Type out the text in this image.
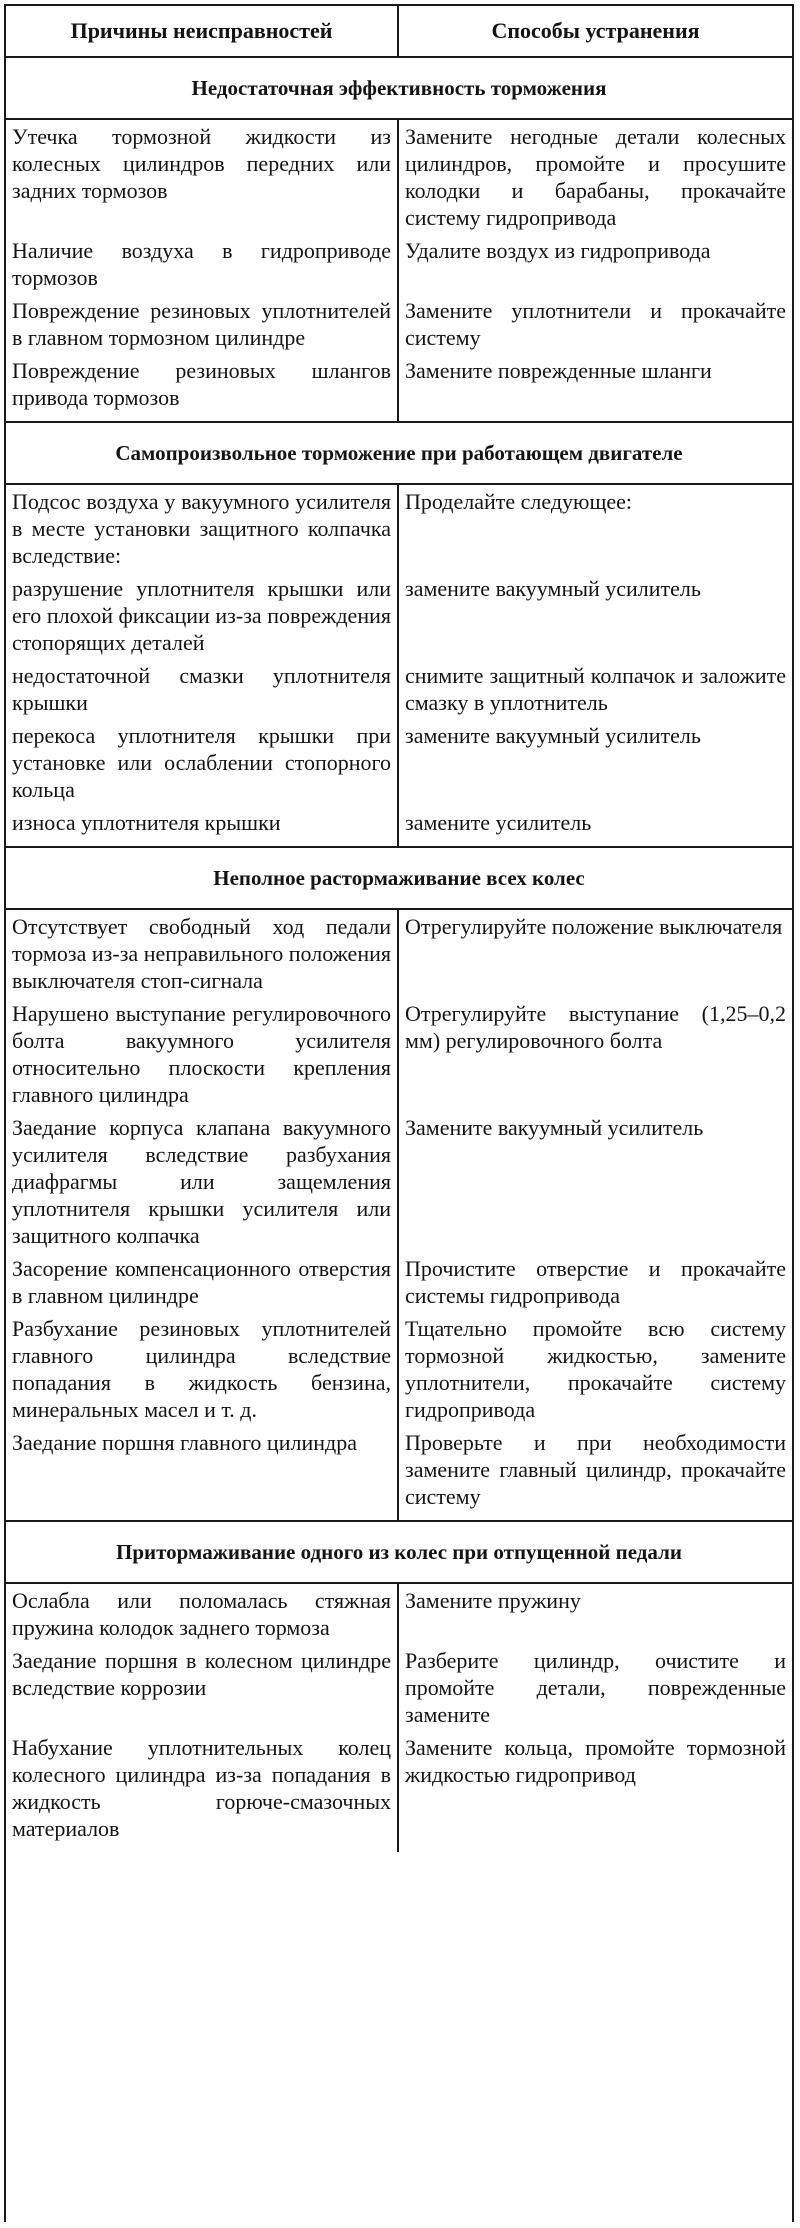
Причины неисправностей	Способы устранения
Недостаточная эффективность торможения	
Утечка тормозной жидкости из колесных цилиндров передних или задних тормозов	Замените негодные детали колесных цилиндров, промойте и просушите колодки и барабаны, прокачайте систему гидропривода
Наличие воздуха в гидроприводе тормозов	Удалите воздух из гидропривода
Повреждение резиновых уплотнителей в главном тормозном цилиндре	Замените уплотнители и прокачайте систему
Повреждение резиновых шлангов привода тормозов	Замените поврежденные шланги
Самопроизвольное торможение при работающем двигателе	
Подсос воздуха у вакуумного усилителя в месте установки защитного колпачка вследствие:	Проделайте следующее:
разрушение уплотнителя крышки или его плохой фиксации из-за повреждения стопорящих деталей	замените вакуумный усилитель
недостаточной смазки уплотнителя крышки	снимите защитный колпачок и заложите смазку в уплотнитель
перекоса уплотнителя крышки при установке или ослаблении стопорного кольца	замените вакуумный усилитель
износа уплотнителя крышки	замените усилитель
Неполное растормаживание всех колес	
Отсутствует свободный ход педали тормоза из-за неправильного положения выключателя стоп-сигнала	Отрегулируйте положение выключателя
Нарушено выступание регулировочного болта вакуумного усилителя относительно плоскости крепления главного цилиндра	Отрегулируйте выступание (1,25–0,2 мм) регулировочного болта
Заедание корпуса клапана вакуумного усилителя вследствие разбухания диафрагмы или защемления уплотнителя крышки усилителя или защитного колпачка	Замените вакуумный усилитель
Засорение компенсационного отверстия в главном цилиндре	Прочистите отверстие и прокачайте системы гидропривода
Разбухание резиновых уплотнителей главного цилиндра вследствие попадания в жидкость бензина, минеральных масел и т. д.	Тщательно промойте всю систему тормозной жидкостью, замените уплотнители, прокачайте систему гидропривода
Заедание поршня главного цилиндра	Проверьте и при необходимости замените главный цилиндр, прокачайте систему
Притормаживание одного из колес при отпущенной педали	
Ослабла или поломалась стяжная пружина колодок заднего тормоза	Замените пружину
Заедание поршня в колесном цилиндре вследствие коррозии	Разберите цилиндр, очистите и промойте детали, поврежденные замените
Набухание уплотнительных колец колесного цилиндра из-за попадания в жидкость горюче-смазочных материалов	Замените кольца, промойте тормозной жидкостью гидропривод
